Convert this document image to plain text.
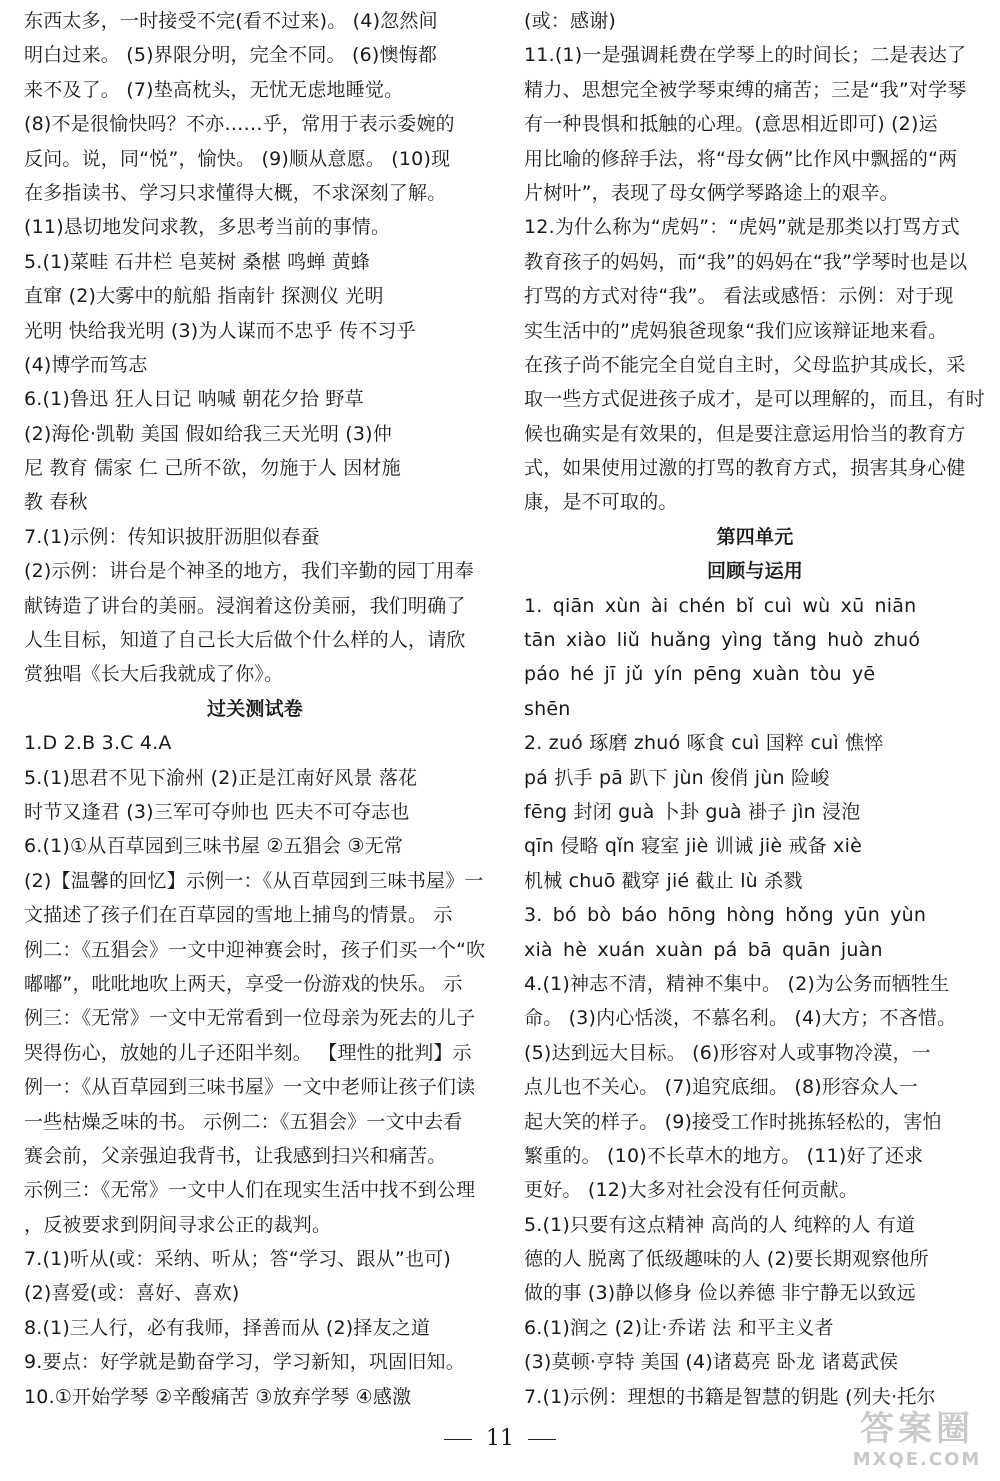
东西太多，一时接受不完(看不过来)。 (4)忽然间
明白过来。 (5)界限分明，完全不同。 (6)懊悔都
来不及了。 (7)垫高枕头，无忧无虑地睡觉。
(8)不是很愉快吗？不亦……乎，常用于表示委婉的
反问。说，同“悦”，愉快。 (9)顺从意愿。 (10)现
在多指读书、学习只求懂得大概，不求深刻了解。
(11)恳切地发问求教，多思考当前的事情。
5.(1)菜畦 石井栏 皂荚树 桑椹 鸣蝉 黄蜂
直窜 (2)大雾中的航船 指南针 探测仪 光明
光明 快给我光明 (3)为人谋而不忠乎 传不习乎
(4)博学而笃志
6.(1)鲁迅 狂人日记 呐喊 朝花夕拾 野草
(2)海伦·凯勒 美国 假如给我三天光明 (3)仲
尼 教育 儒家 仁 己所不欲，勿施于人 因材施
教 春秋
7.(1)示例：传知识披肝沥胆似春蚕
(2)示例：讲台是个神圣的地方，我们辛勤的园丁用奉
献铸造了讲台的美丽。浸润着这份美丽，我们明确了
人生目标，知道了自己长大后做个什么样的人，请欣
赏独唱《长大后我就成了你》。
过关测试卷
1.D 2.B 3.C 4.A
5.(1)思君不见下渝州 (2)正是江南好风景 落花
时节又逢君 (3)三军可夺帅也 匹夫不可夺志也
6.(1)①从百草园到三味书屋 ②五猖会 ③无常
(2)【温馨的回忆】示例一：《从百草园到三味书屋》一
文描述了孩子们在百草园的雪地上捕鸟的情景。 示
例二：《五猖会》一文中迎神赛会时，孩子们买一个“吹
嘟嘟”，吡吡地吹上两天，享受一份游戏的快乐。 示
例三：《无常》一文中无常看到一位母亲为死去的儿子
哭得伤心，放她的儿子还阳半刻。 【理性的批判】示
例一：《从百草园到三味书屋》一文中老师让孩子们读
一些枯燥乏味的书。 示例二：《五猖会》一文中去看
赛会前，父亲强迫我背书，让我感到扫兴和痛苦。
示例三：《无常》一文中人们在现实生活中找不到公理
，反被要求到阴间寻求公正的裁判。
7.(1)听从(或：采纳、听从；答“学习、跟从”也可)
(2)喜爱(或：喜好、喜欢)
8.(1)三人行，必有我师，择善而从 (2)择友之道
9.要点：好学就是勤奋学习，学习新知，巩固旧知。
10.①开始学琴 ②辛酸痛苦 ③放弃学琴 ④感激
(或：感谢)
11.(1)一是强调耗费在学琴上的时间长；二是表达了
精力、思想完全被学琴束缚的痛苦；三是“我”对学琴
有一种畏惧和抵触的心理。(意思相近即可) (2)运
用比喻的修辞手法，将“母女俩”比作风中飘摇的“两
片树叶”，表现了母女俩学琴路途上的艰辛。
12.为什么称为“虎妈”：“虎妈”就是那类以打骂方式
教育孩子的妈妈，而“我”的妈妈在“我”学琴时也是以
打骂的方式对待“我”。 看法或感悟：示例：对于现
实生活中的”虎妈狼爸现象“我们应该辩证地来看。
在孩子尚不能完全自觉自主时，父母监护其成长，采
取一些方式促进孩子成才，是可以理解的，而且，有时
候也确实是有效果的，但是要注意运用恰当的教育方
式，如果使用过激的打骂的教育方式，损害其身心健
康，是不可取的。
第四单元
回顾与运用
1. qiān xùn ài chén bǐ cuì wù xū niān
tān xiào liǔ huǎng yìng tǎng huò zhuó
páo hé jī jǔ yín pēng xuàn tòu yē
shēn
2. zuó 琢磨 zhuó 啄食 cuì 国粹 cuì 憔悴
pá 扒手 pā 趴下 jùn 俊俏 jùn 险峻
fēng 封闭 guà 卜卦 guà 褂子 jìn 浸泡
qīn 侵略 qǐn 寝室 jiè 训诫 jiè 戒备 xiè
机械 chuō 戳穿 jié 截止 lù 杀戮
3. bó bò báo hōng hòng hǒng yūn yùn
xià hè xuán xuàn pá bā quān juàn
4.(1)神志不清，精神不集中。 (2)为公务而牺牲生
命。 (3)内心恬淡，不慕名利。 (4)大方；不吝惜。
(5)达到远大目标。 (6)形容对人或事物冷漠，一
点儿也不关心。 (7)追究底细。 (8)形容众人一
起大笑的样子。 (9)接受工作时挑拣轻松的，害怕
繁重的。 (10)不长草木的地方。 (11)好了还求
更好。 (12)大多对社会没有任何贡献。
5.(1)只要有这点精神 高尚的人 纯粹的人 有道
德的人 脱离了低级趣味的人 (2)要长期观察他所
做的事 (3)静以修身 俭以养德 非宁静无以致远
6.(1)润之 (2)让·乔诺 法 和平主义者
(3)莫顿·亨特 美国 (4)诸葛亮 卧龙 诸葛武侯
7.(1)示例：理想的书籍是智慧的钥匙 (列夫·托尔
11	答案圈
MXQE.COM
